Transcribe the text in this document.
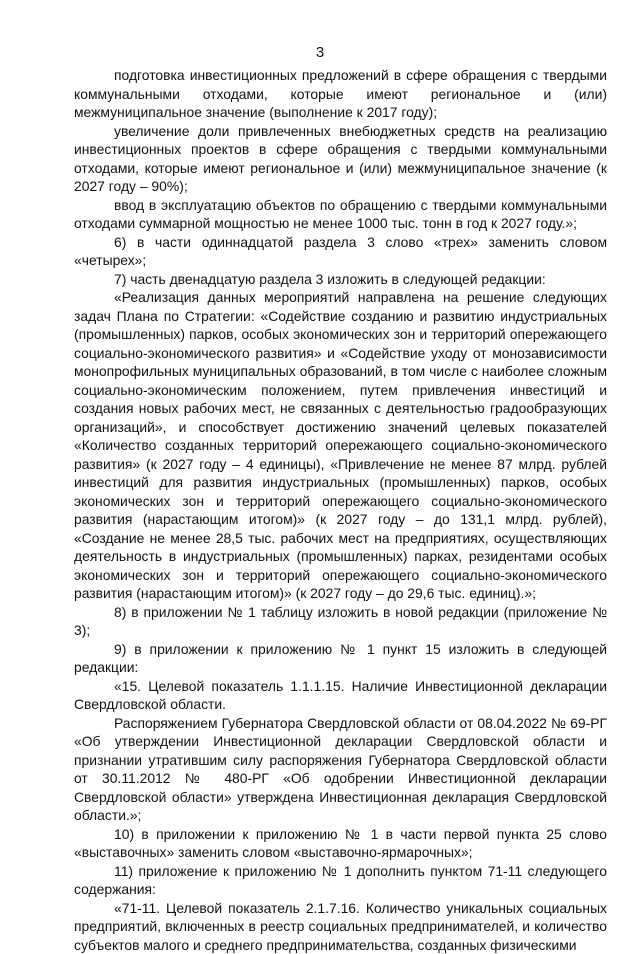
3

подготовка инвестиционных предложений в сфере обращения с твердыми коммунальными отходами, которые имеют региональное и (или) межмуниципальное значение (выполнение к 2017 году);

увеличение доли привлеченных внебюджетных средств на реализацию инвестиционных проектов в сфере обращения с твердыми коммунальными отходами, которые имеют региональное и (или) межмуниципальное значение (к 2027 году – 90%);

ввод в эксплуатацию объектов по обращению с твердыми коммунальными отходами суммарной мощностью не менее 1000 тыс. тонн в год к 2027 году.»;

6) в части одиннадцатой раздела 3 слово «трех» заменить словом «четырех»;

7) часть двенадцатую раздела 3 изложить в следующей редакции:

«Реализация данных мероприятий направлена на решение следующих задач Плана по Стратегии: «Содействие созданию и развитию индустриальных (промышленных) парков, особых экономических зон и территорий опережающего социально-экономического развития» и «Содействие уходу от монозависимости монопрофильных муниципальных образований, в том числе с наиболее сложным социально-экономическим положением, путем привлечения инвестиций и создания новых рабочих мест, не связанных с деятельностью градообразующих организаций», и способствует достижению значений целевых показателей «Количество созданных территорий опережающего социально-экономического развития» (к 2027 году – 4 единицы), «Привлечение не менее 87 млрд. рублей инвестиций для развития индустриальных (промышленных) парков, особых экономических зон и территорий опережающего социально-экономического развития (нарастающим итогом)» (к 2027 году – до 131,1 млрд. рублей), «Создание не менее 28,5 тыс. рабочих мест на предприятиях, осуществляющих деятельность в индустриальных (промышленных) парках, резидентами особых экономических зон и территорий опережающего социально-экономического развития (нарастающим итогом)» (к 2027 году – до 29,6 тыс. единиц).»;

8) в приложении № 1 таблицу изложить в новой редакции (приложение № 3);

9) в приложении к приложению № 1 пункт 15 изложить в следующей редакции:

«15. Целевой показатель 1.1.1.15. Наличие Инвестиционной декларации Свердловской области.

Распоряжением Губернатора Свердловской области от 08.04.2022 № 69-РГ «Об утверждении Инвестиционной декларации Свердловской области и признании утратившим силу распоряжения Губернатора Свердловской области от 30.11.2012 № 480-РГ «Об одобрении Инвестиционной декларации Свердловской области» утверждена Инвестиционная декларация Свердловской области.»;

10) в приложении к приложению № 1 в части первой пункта 25 слово «выставочных» заменить словом «выставочно-ярмарочных»;

11) приложение к приложению № 1 дополнить пунктом 71-11 следующего содержания:

«71-11. Целевой показатель 2.1.7.16. Количество уникальных социальных предприятий, включенных в реестр социальных предпринимателей, и количество субъектов малого и среднего предпринимательства, созданных физическими
